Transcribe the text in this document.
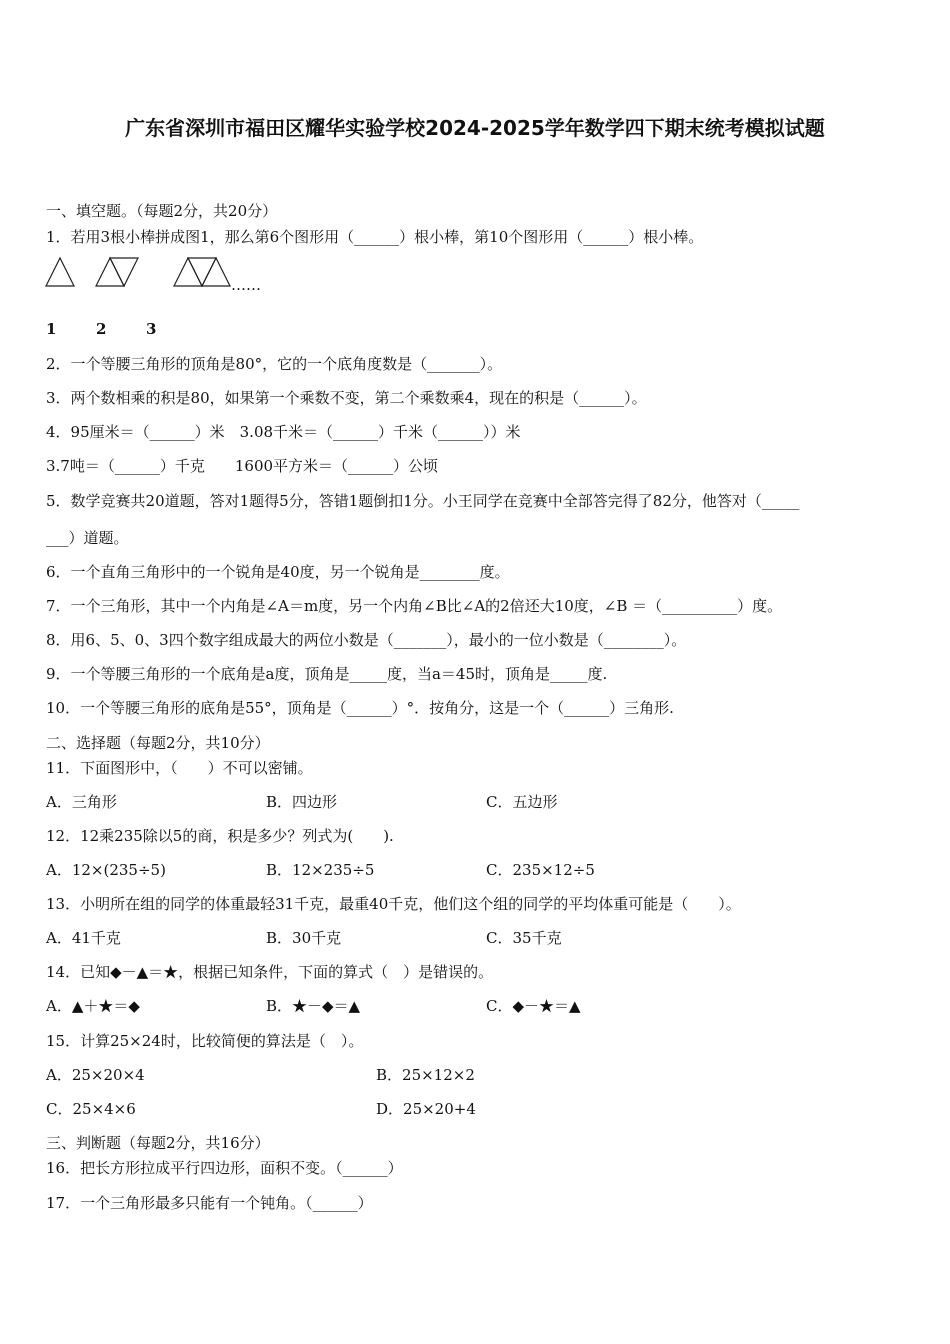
广东省深圳市福田区耀华实验学校2024-2025学年数学四下期末统考模拟试题
一、填空题。（每题2分，共20分）
1．若用3根小棒拼成图1，那么第6个图形用（______）根小棒，第10个图形用（______）根小棒。
……
1	2	3
2．一个等腰三角形的顶角是80°，它的一个底角度数是（_______）。
3．两个数相乘的积是80，如果第一个乘数不变，第二个乘数乘4，现在的积是（______）。
4．95厘米＝（______）米　3.08千米＝（______）千米（______））米
3.7吨＝（______）千克　　1600平方米＝（______）公顷
5．数学竞赛共20道题，答对1题得5分，答错1题倒扣1分。小王同学在竞赛中全部答完得了82分，他答对（_____
___）道题。
6．一个直角三角形中的一个锐角是40度，另一个锐角是________度。
7．一个三角形，其中一个内角是∠A＝m度，另一个内角∠B比∠A的2倍还大10度，∠B ＝（__________）度。
8．用6、5、0、3四个数字组成最大的两位小数是（_______），最小的一位小数是（________）。
9．一个等腰三角形的一个底角是a度，顶角是_____度，当a＝45时，顶角是_____度.
10．一个等腰三角形的底角是55°，顶角是（______）°．按角分，这是一个（______）三角形.
二、选择题（每题2分，共10分）
11．下面图形中，（　　）不可以密铺。
A．三角形	B．四边形	C．五边形
12．12乘235除以5的商，积是多少？列式为(　　).
A．12×(235÷5)	B．12×235÷5	C．235×12÷5
13．小明所在组的同学的体重最轻31千克，最重40千克，他们这个组的同学的平均体重可能是（　　）。
A．41千克	B．30千克	C．35千克
14．已知◆－▲＝★，根据已知条件，下面的算式（　）是错误的。
A．▲＋★＝◆	B．★－◆＝▲	C．◆－★＝▲
15．计算25×24时，比较简便的算法是（　）。
A．25×20×4	B．25×12×2
C．25×4×6	D．25×20+4
三、判断题（每题2分，共16分）
16．把长方形拉成平行四边形，面积不变。（______）
17．一个三角形最多只能有一个钝角。（______）
